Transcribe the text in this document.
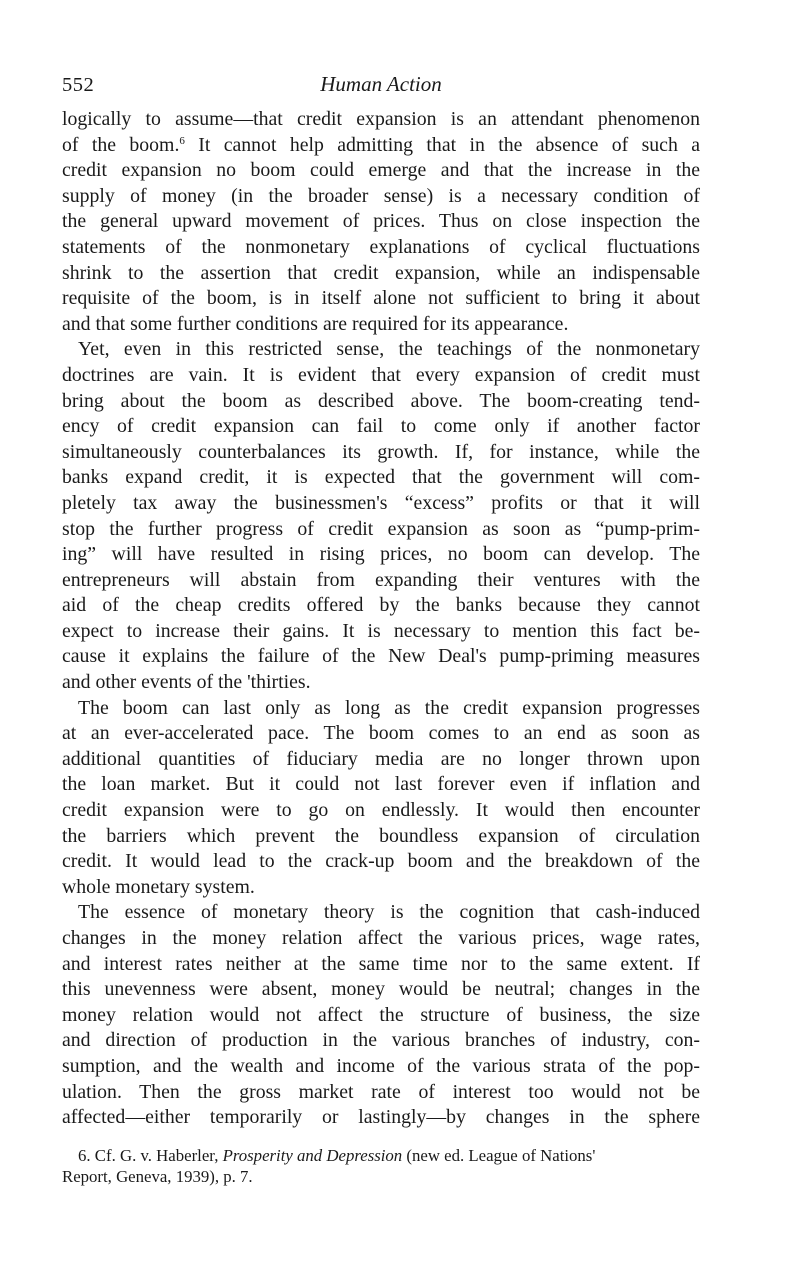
552	Human Action

logically to assume—that credit expansion is an attendant phenomenon
of the boom.$^6$ It cannot help admitting that in the absence of such a
credit expansion no boom could emerge and that the increase in the
supply of money (in the broader sense) is a necessary condition of
the general upward movement of prices. Thus on close inspection the
statements of the nonmonetary explanations of cyclical fluctuations
shrink to the assertion that credit expansion, while an indispensable
requisite of the boom, is in itself alone not sufficient to bring it about
and that some further conditions are required for its appearance.

Yet, even in this restricted sense, the teachings of the nonmonetary
doctrines are vain. It is evident that every expansion of credit must
bring about the boom as described above. The boom-creating tend-
ency of credit expansion can fail to come only if another factor
simultaneously counterbalances its growth. If, for instance, while the
banks expand credit, it is expected that the government will com-
pletely tax away the businessmen's “excess” profits or that it will
stop the further progress of credit expansion as soon as “pump-prim-
ing” will have resulted in rising prices, no boom can develop. The
entrepreneurs will abstain from expanding their ventures with the
aid of the cheap credits offered by the banks because they cannot
expect to increase their gains. It is necessary to mention this fact be-
cause it explains the failure of the New Deal's pump-priming measures
and other events of the 'thirties.

The boom can last only as long as the credit expansion progresses
at an ever-accelerated pace. The boom comes to an end as soon as
additional quantities of fiduciary media are no longer thrown upon
the loan market. But it could not last forever even if inflation and
credit expansion were to go on endlessly. It would then encounter
the barriers which prevent the boundless expansion of circulation
credit. It would lead to the crack-up boom and the breakdown of the
whole monetary system.

The essence of monetary theory is the cognition that cash-induced
changes in the money relation affect the various prices, wage rates,
and interest rates neither at the same time nor to the same extent. If
this unevenness were absent, money would be neutral; changes in the
money relation would not affect the structure of business, the size
and direction of production in the various branches of industry, con-
sumption, and the wealth and income of the various strata of the pop-
ulation. Then the gross market rate of interest too would not be
affected—either temporarily or lastingly—by changes in the sphere

6. Cf. G. v. Haberler, Prosperity and Depression (new ed. League of Nations'
Report, Geneva, 1939), p. 7.
